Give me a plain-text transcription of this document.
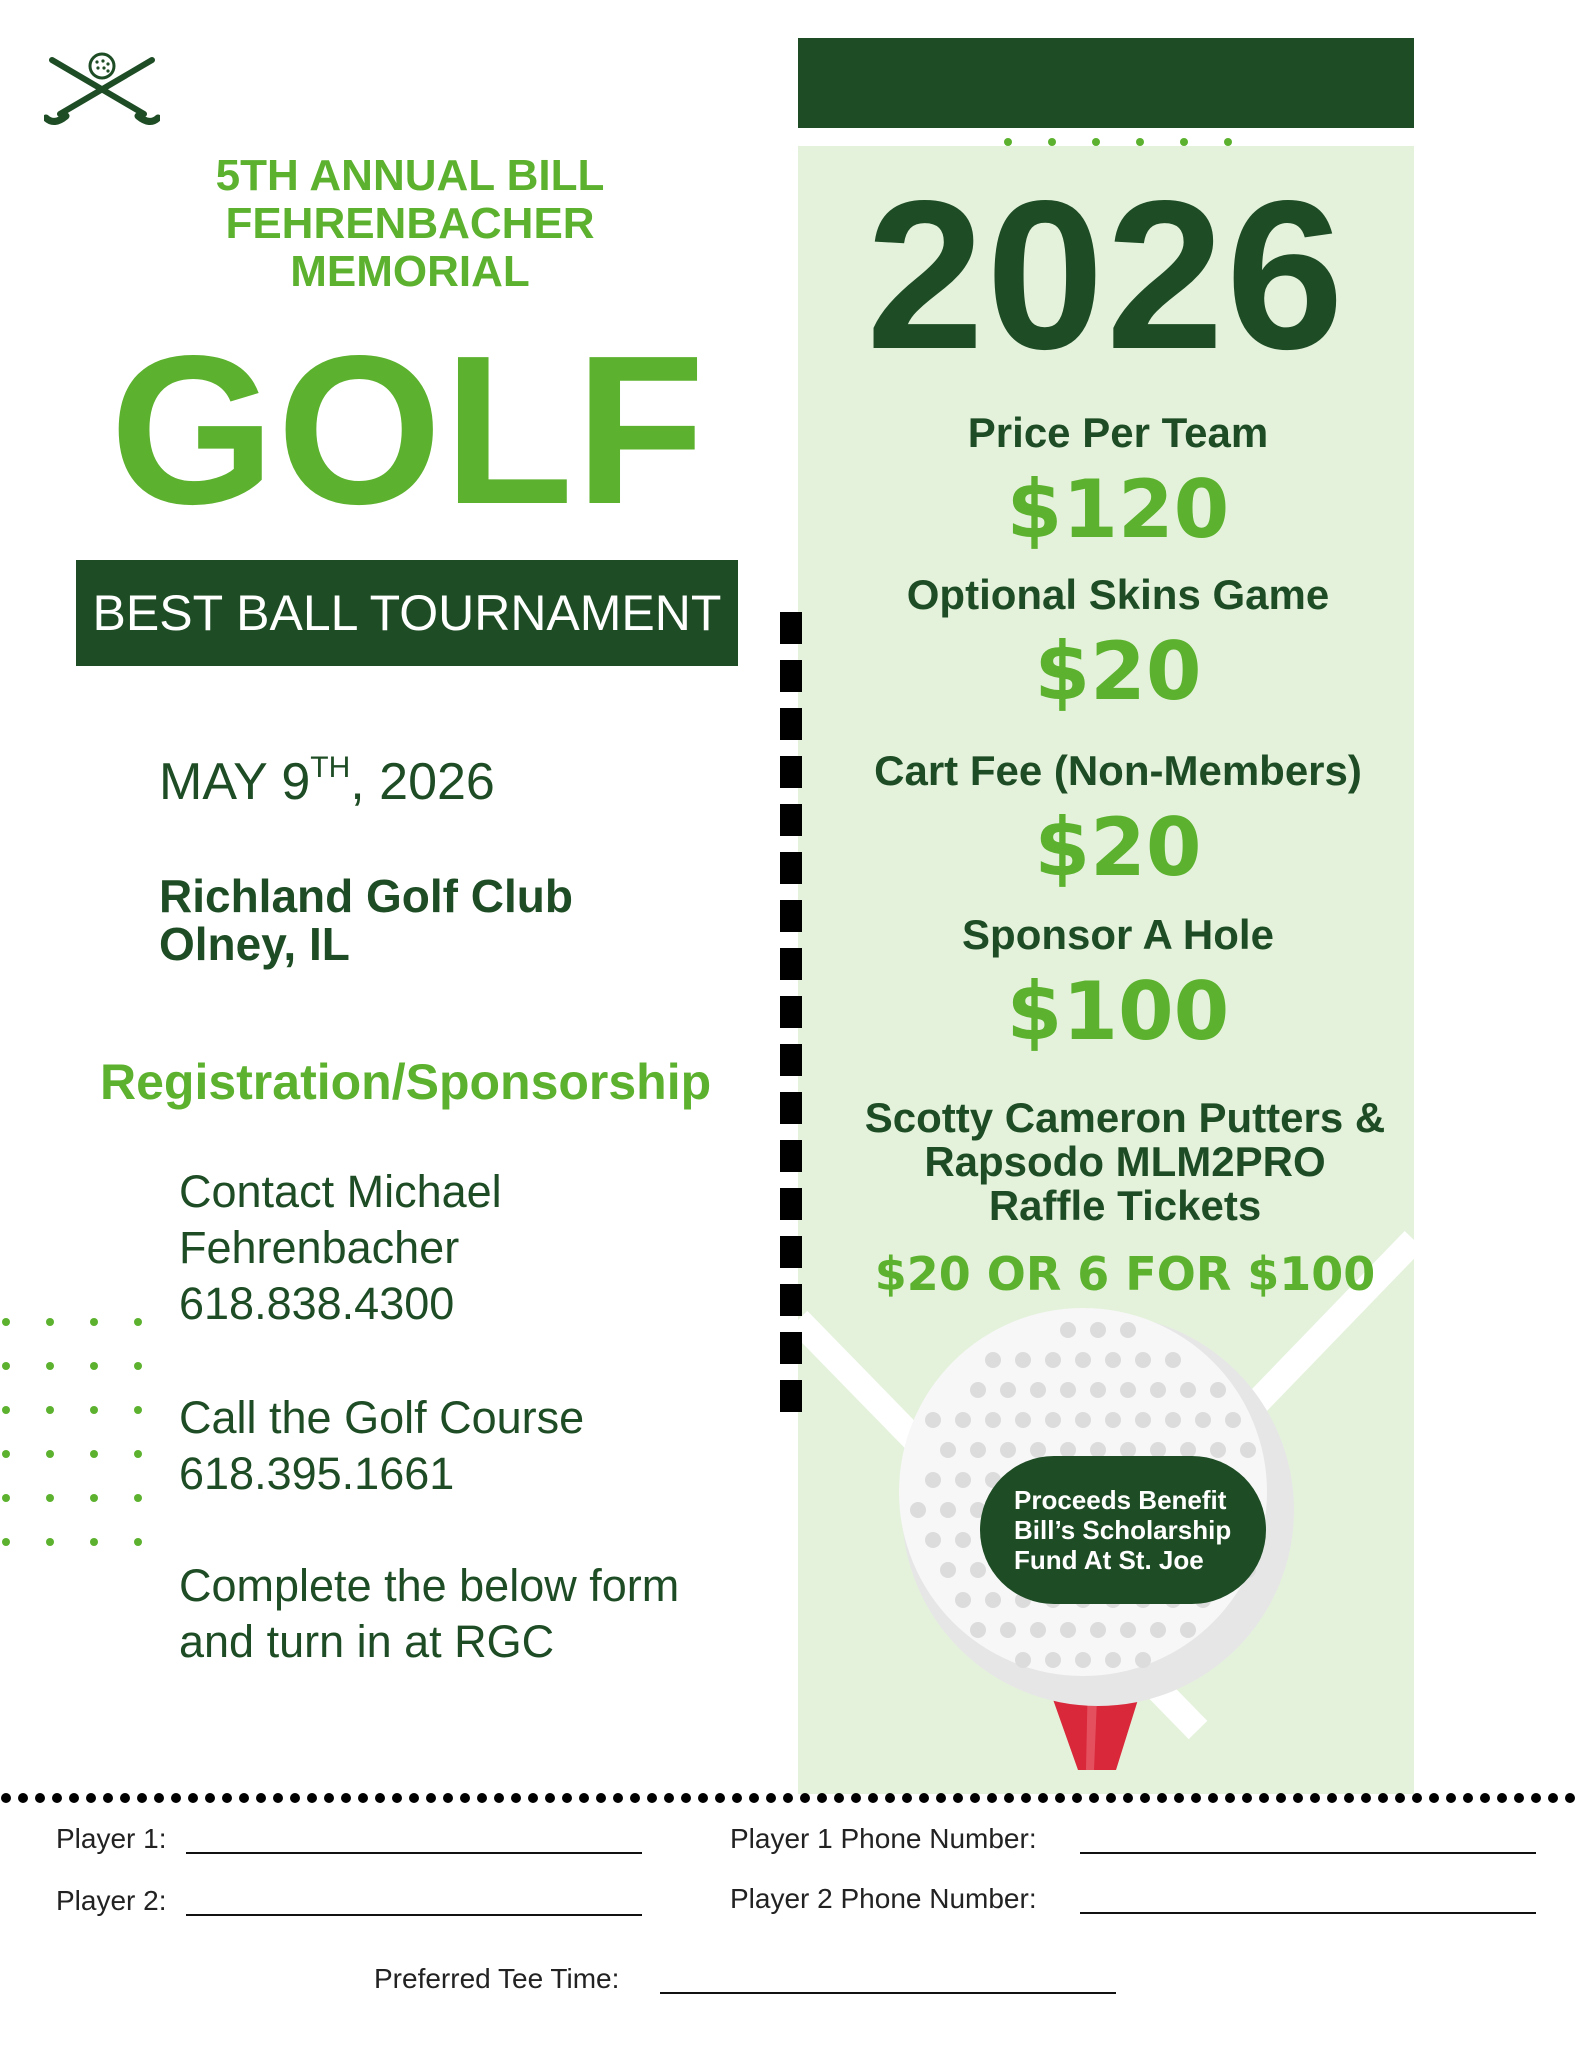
5TH ANNUAL BILL
FEHRENBACHER
MEMORIAL
GOLF
BEST BALL TOURNAMENT
MAY 9TH, 2026
Richland Golf Club
Olney, IL
Registration/Sponsorship
Contact Michael
Fehrenbacher
618.838.4300
Call the Golf Course
618.395.1661
Complete the below form
and turn in at RGC
2026
Price Per Team
$120
Optional Skins Game
$20
Cart Fee (Non-Members)
$20
Sponsor A Hole
$100
Scotty Cameron Putters &
Rapsodo MLM2PRO
Raffle Tickets
$20 OR 6 FOR $100
Proceeds Benefit
Bill’s Scholarship
Fund At St. Joe
Player 1:	Player 1 Phone Number:
Player 2:	Player 2 Phone Number:
Preferred Tee Time:
